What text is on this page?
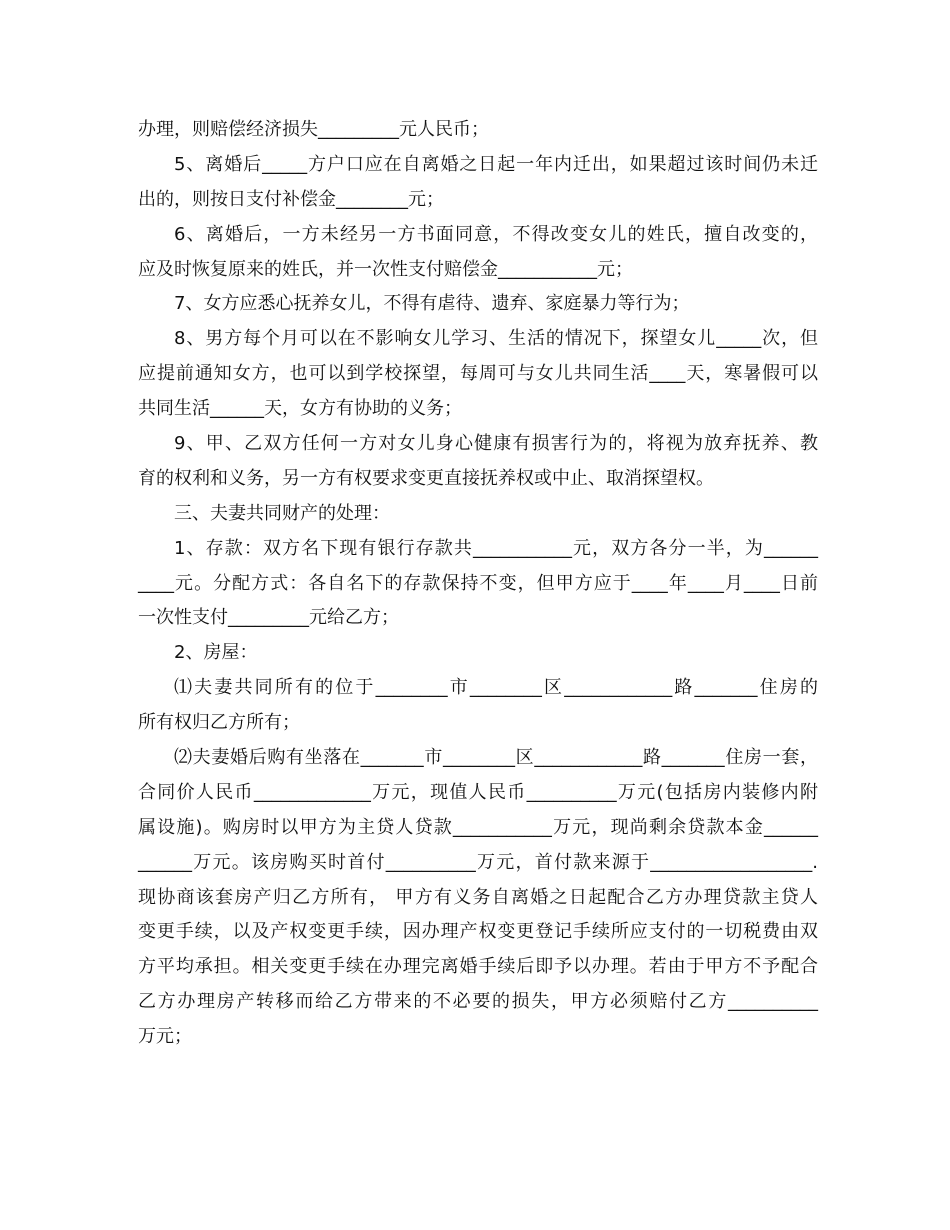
办理，则赔偿经济损失_________元人民币；
5、离婚后_____方户口应在自离婚之日起一年内迁出，如果超过该时间仍未迁
出的，则按日支付补偿金________元；
6、离婚后，一方未经另一方书面同意，不得改变女儿的姓氏，擅自改变的，
应及时恢复原来的姓氏，并一次性支付赔偿金___________元；
7、女方应悉心抚养女儿，不得有虐待、遗弃、家庭暴力等行为；
8、男方每个月可以在不影响女儿学习、生活的情况下，探望女儿_____次，但
应提前通知女方，也可以到学校探望，每周可与女儿共同生活____天，寒暑假可以
共同生活______天，女方有协助的义务；
9、甲、乙双方任何一方对女儿身心健康有损害行为的，将视为放弃抚养、教
育的权利和义务，另一方有权要求变更直接抚养权或中止、取消探望权。
三、夫妻共同财产的处理：
1、存款：双方名下现有银行存款共___________元，双方各分一半，为______
____元。分配方式：各自名下的存款保持不变，但甲方应于____年____月____日前
一次性支付_________元给乙方；
2、房屋：
⑴夫妻共同所有的位于________市________区____________路_______住房的
所有权归乙方所有；
⑵夫妻婚后购有坐落在_______市________区____________路_______住房一套，
合同价人民币_____________万元，现值人民币__________万元(包括房内装修内附
属设施)。购房时以甲方为主贷人贷款___________万元，现尚剩余贷款本金______
______万元。该房购买时首付__________万元，首付款来源于__________________.
现协商该套房产归乙方所有， 甲方有义务自离婚之日起配合乙方办理贷款主贷人
变更手续，以及产权变更手续，因办理产权变更登记手续所应支付的一切税费由双
方平均承担。相关变更手续在办理完离婚手续后即予以办理。若由于甲方不予配合
乙方办理房产转移而给乙方带来的不必要的损失，甲方必须赔付乙方__________
万元；
